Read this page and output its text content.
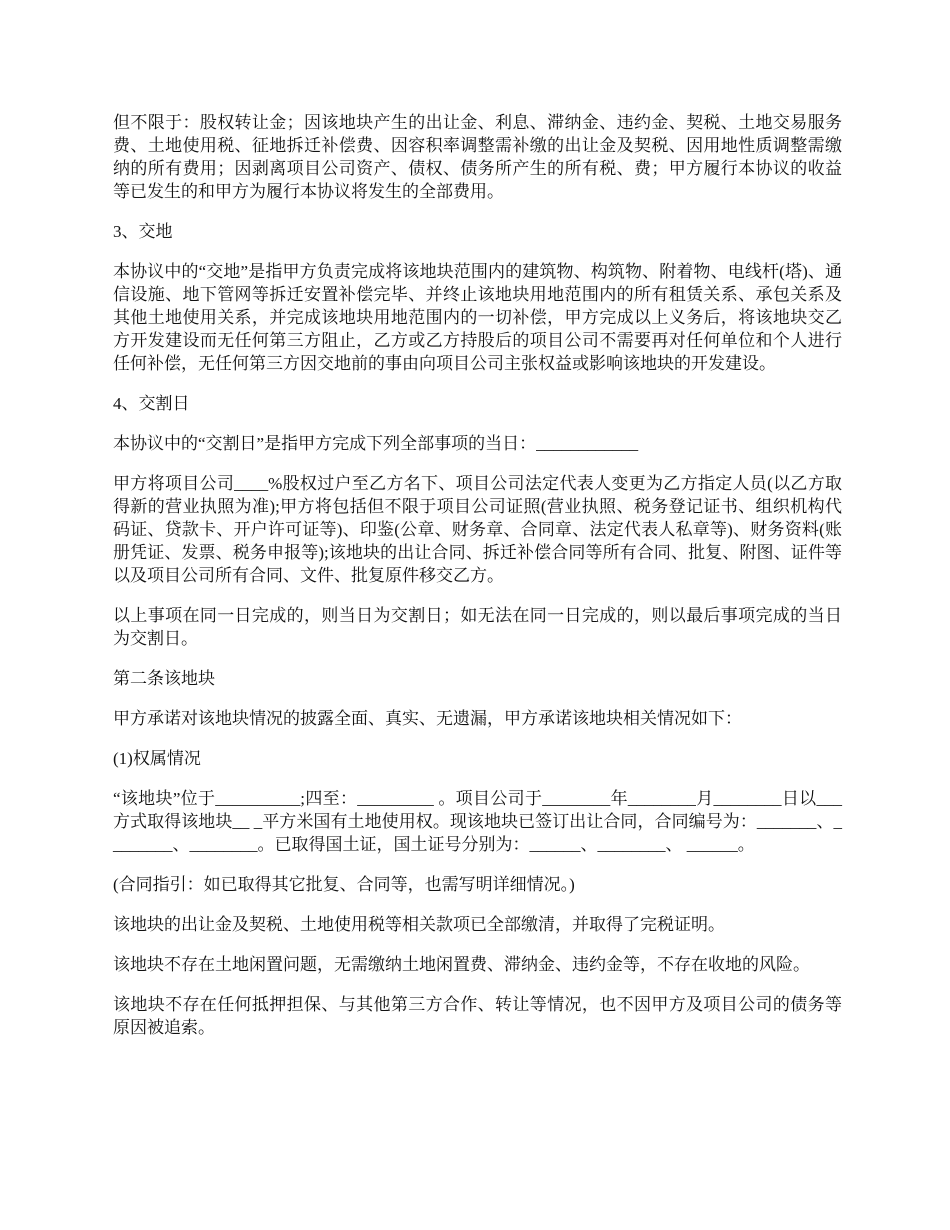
但不限于：股权转让金；因该地块产生的出让金、利息、滞纳金、违约金、契税、土地交易服务费、土地使用税、征地拆迁补偿费、因容积率调整需补缴的出让金及契税、因用地性质调整需缴纳的所有费用；因剥离项目公司资产、债权、债务所产生的所有税、费；甲方履行本协议的收益等已发生的和甲方为履行本协议将发生的全部费用。

3、交地

本协议中的“交地”是指甲方负责完成将该地块范围内的建筑物、构筑物、附着物、电线杆(塔)、通信设施、地下管网等拆迁安置补偿完毕、并终止该地块用地范围内的所有租赁关系、承包关系及其他土地使用关系，并完成该地块用地范围内的一切补偿，甲方完成以上义务后，将该地块交乙方开发建设而无任何第三方阻止，乙方或乙方持股后的项目公司不需要再对任何单位和个人进行任何补偿，无任何第三方因交地前的事由向项目公司主张权益或影响该地块的开发建设。

4、交割日

本协议中的“交割日”是指甲方完成下列全部事项的当日：____________

甲方将项目公司____%股权过户至乙方名下、项目公司法定代表人变更为乙方指定人员(以乙方取得新的营业执照为准);甲方将包括但不限于项目公司证照(营业执照、税务登记证书、组织机构代码证、贷款卡、开户许可证等)、印鉴(公章、财务章、合同章、法定代表人私章等)、财务资料(账册凭证、发票、税务申报等);该地块的出让合同、拆迁补偿合同等所有合同、批复、附图、证件等以及项目公司所有合同、文件、批复原件移交乙方。

以上事项在同一日完成的，则当日为交割日；如无法在同一日完成的，则以最后事项完成的当日为交割日。

第二条该地块

甲方承诺对该地块情况的披露全面、真实、无遗漏，甲方承诺该地块相关情况如下：

(1)权属情况

“该地块”位于__________;四至：_________ 。项目公司于________年________月________日以___方式取得该地块__ _平方米国有土地使用权。现该地块已签订出让合同，合同编号为：_______、________、________。已取得国土证，国土证号分别为：______、________、 ______。

(合同指引：如已取得其它批复、合同等，也需写明详细情况。)

该地块的出让金及契税、土地使用税等相关款项已全部缴清，并取得了完税证明。

该地块不存在土地闲置问题，无需缴纳土地闲置费、滞纳金、违约金等，不存在收地的风险。

该地块不存在任何抵押担保、与其他第三方合作、转让等情况，也不因甲方及项目公司的债务等原因被追索。
